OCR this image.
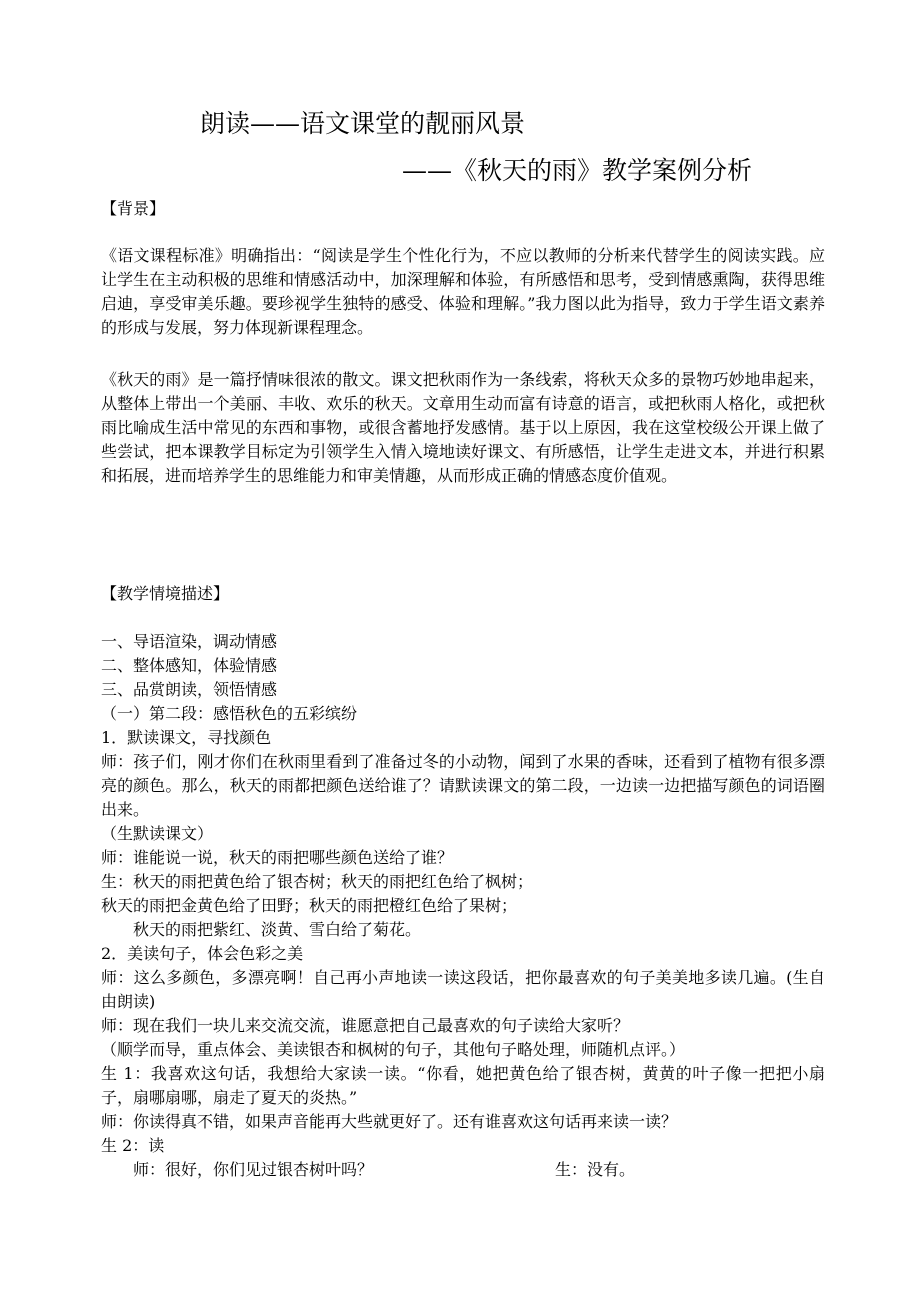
朗读——语文课堂的靓丽风景
——《秋天的雨》教学案例分析
【背景】

《语文课程标准》明确指出：“阅读是学生个性化行为，不应以教师的分析来代替学生的阅读实践。应让学生在主动积极的思维和情感活动中，加深理解和体验，有所感悟和思考，受到情感熏陶，获得思维启迪，享受审美乐趣。要珍视学生独特的感受、体验和理解。”我力图以此为指导，致力于学生语文素养的形成与发展，努力体现新课程理念。

《秋天的雨》是一篇抒情味很浓的散文。课文把秋雨作为一条线索，将秋天众多的景物巧妙地串起来，从整体上带出一个美丽、丰收、欢乐的秋天。文章用生动而富有诗意的语言，或把秋雨人格化，或把秋雨比喻成生活中常见的东西和事物，或很含蓄地抒发感情。基于以上原因，我在这堂校级公开课上做了些尝试，把本课教学目标定为引领学生入情入境地读好课文、有所感悟，让学生走进文本，并进行积累和拓展，进而培养学生的思维能力和审美情趣，从而形成正确的情感态度价值观。

【教学情境描述】
一、导语渲染，调动情感
二、整体感知，体验情感
三、品赏朗读，领悟情感
（一）第二段：感悟秋色的五彩缤纷
1．默读课文，寻找颜色

师：孩子们，刚才你们在秋雨里看到了准备过冬的小动物，闻到了水果的香味，还看到了植物有很多漂亮的颜色。那么，秋天的雨都把颜色送给谁了？请默读课文的第二段，一边读一边把描写颜色的词语圈出来。

（生默读课文）
师：谁能说一说，秋天的雨把哪些颜色送给了谁？
生：秋天的雨把黄色给了银杏树；秋天的雨把红色给了枫树；
秋天的雨把金黄色给了田野；秋天的雨把橙红色给了果树；
秋天的雨把紫红、淡黄、雪白给了菊花。
2．美读句子，体会色彩之美

师：这么多颜色，多漂亮啊！自己再小声地读一读这段话，把你最喜欢的句子美美地多读几遍。(生自由朗读)

师：现在我们一块儿来交流交流，谁愿意把自己最喜欢的句子读给大家听？
（顺学而导，重点体会、美读银杏和枫树的句子，其他句子略处理，师随机点评。）

生 1：我喜欢这句话，我想给大家读一读。“你看，她把黄色给了银杏树，黄黄的叶子像一把把小扇子，扇哪扇哪，扇走了夏天的炎热。”

师：你读得真不错，如果声音能再大些就更好了。还有谁喜欢这句话再来读一读？
生 2：读
师：很好，你们见过银杏树叶吗？	生：没有。
